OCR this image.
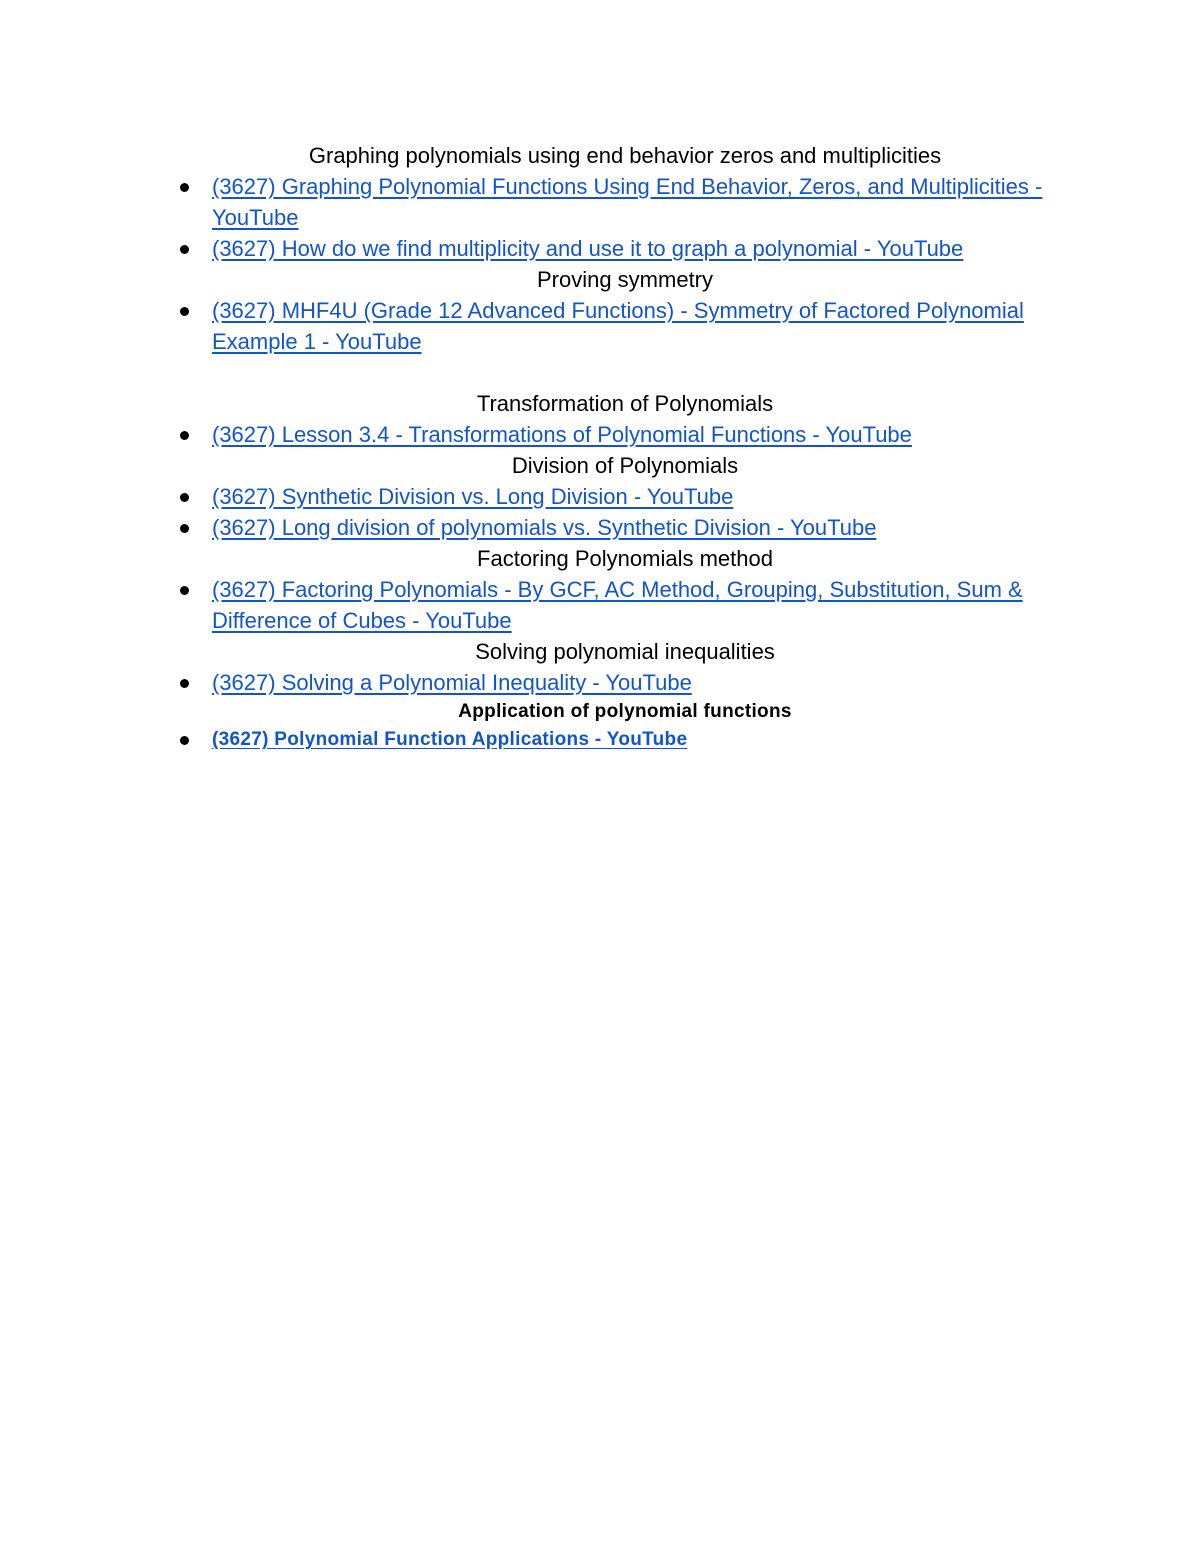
Graphing polynomials using end behavior zeros and multiplicities
(3627) Graphing Polynomial Functions Using End Behavior, Zeros, and Multiplicities - YouTube
(3627) How do we find multiplicity and use it to graph a polynomial - YouTube
Proving symmetry
(3627) MHF4U (Grade 12 Advanced Functions) - Symmetry of Factored Polynomial Example 1 - YouTube
Transformation of Polynomials
(3627) Lesson 3.4 - Transformations of Polynomial Functions - YouTube
Division of Polynomials
(3627) Synthetic Division vs. Long Division - YouTube
(3627) Long division of polynomials vs. Synthetic Division - YouTube
Factoring Polynomials method
(3627) Factoring Polynomials - By GCF, AC Method, Grouping, Substitution, Sum & Difference of Cubes - YouTube
Solving polynomial inequalities
(3627) Solving a Polynomial Inequality - YouTube
Application of polynomial functions
(3627) Polynomial Function Applications - YouTube
